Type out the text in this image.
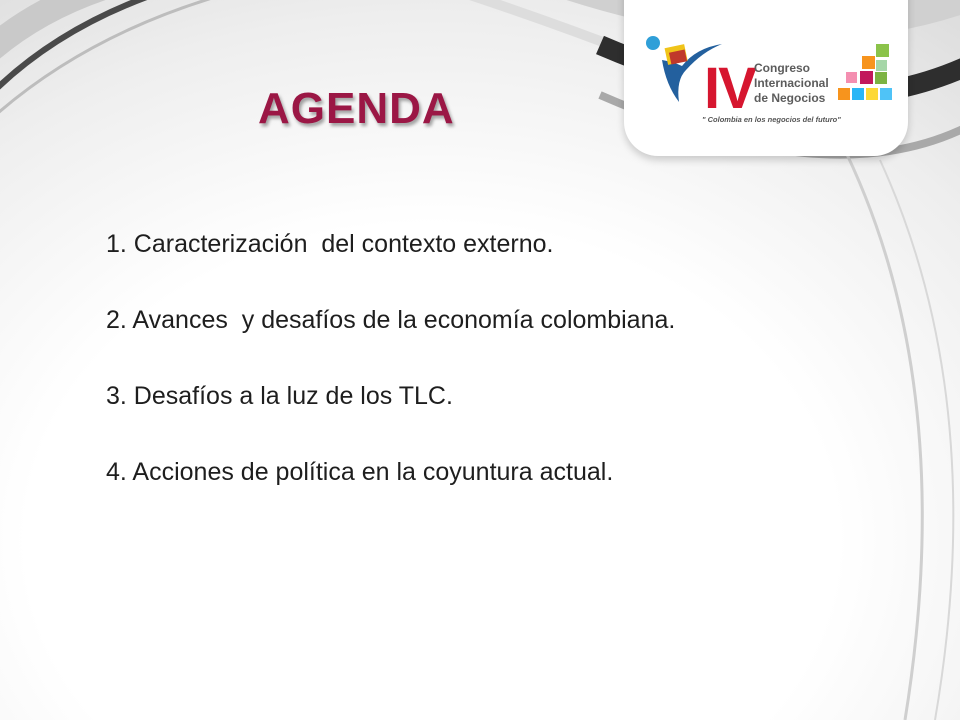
IV Congreso
Internacional
de Negocios
" Colombia en los negocios del futuro"
AGENDA
1. Caracterización  del contexto externo.
2. Avances  y desafíos de la economía colombiana.
3. Desafíos a la luz de los TLC.
4. Acciones de política en la coyuntura actual.
